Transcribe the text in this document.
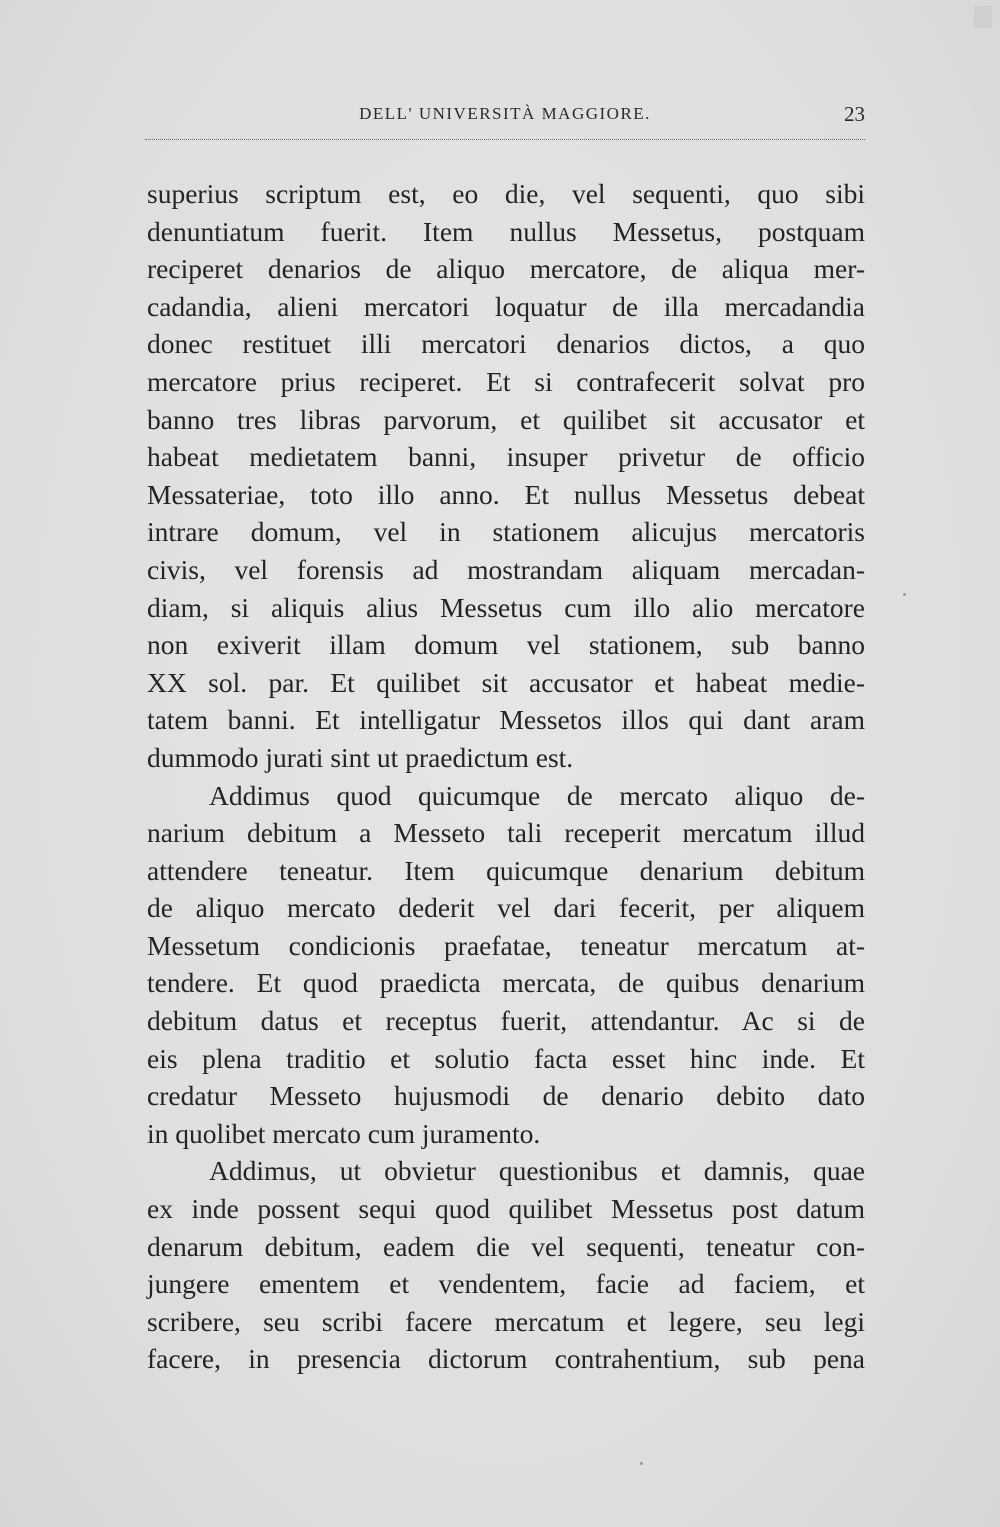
DELL' UNIVERSITÀ MAGGIORE.	23
superius scriptum est, eo die, vel sequenti, quo sibi
denuntiatum fuerit. Item nullus Messetus, postquam
reciperet denarios de aliquo mercatore, de aliqua mer-
cadandia, alieni mercatori loquatur de illa mercadandia
donec restituet illi mercatori denarios dictos, a quo
mercatore prius reciperet. Et si contrafecerit solvat pro
banno tres libras parvorum, et quilibet sit accusator et
habeat medietatem banni, insuper privetur de officio
Messateriae, toto illo anno. Et nullus Messetus debeat
intrare domum, vel in stationem alicujus mercatoris
civis, vel forensis ad mostrandam aliquam mercadan-
diam, si aliquis alius Messetus cum illo alio mercatore
non exiverit illam domum vel stationem, sub banno
XX sol. par. Et quilibet sit accusator et habeat medie-
tatem banni. Et intelligatur Messetos illos qui dant aram
dummodo jurati sint ut praedictum est.
Addimus quod quicumque de mercato aliquo de-
narium debitum a Messeto tali receperit mercatum illud
attendere teneatur. Item quicumque denarium debitum
de aliquo mercato dederit vel dari fecerit, per aliquem
Messetum condicionis praefatae, teneatur mercatum at-
tendere. Et quod praedicta mercata, de quibus denarium
debitum datus et receptus fuerit, attendantur. Ac si de
eis plena traditio et solutio facta esset hinc inde. Et
credatur Messeto hujusmodi de denario debito dato
in quolibet mercato cum juramento.
Addimus, ut obvietur questionibus et damnis, quae
ex inde possent sequi quod quilibet Messetus post datum
denarum debitum, eadem die vel sequenti, teneatur con-
jungere ementem et vendentem, facie ad faciem, et
scribere, seu scribi facere mercatum et legere, seu legi
facere, in presencia dictorum contrahentium, sub pena
